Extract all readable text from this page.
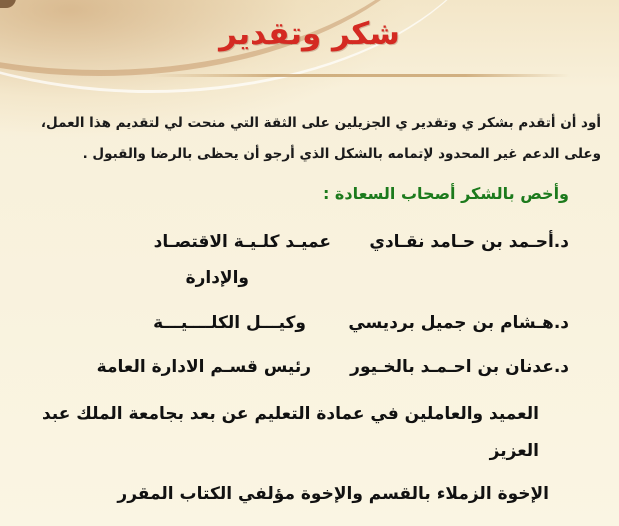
شكر وتقدير

أود أن أتقدم بشكر ي وتقدير ي الجزيلين على الثقة التي منحت لي لتقديم هذا العمل،

وعلى الدعم غير المحدود لإتمامه بالشكل الذي أرجو أن يحظى بالرضا والقبول .

وأخص بالشكر أصحاب السعادة :

د.أحـمد بن حـامد نقـادي
عميـد كلـيـة الاقتصـاد

والإدارة

د.هـشام بن جميل برديسي
وكيـــل الكلــــيـــة
د.عدنان بن احـمـد بالخـيور
رئيس قسـم الادارة العامة

العميد والعاملين في عمادة التعليم عن بعد بجامعة الملك عبد

العزيز

الإخوة الزملاء بالقسم والإخوة مؤلفي الكتاب المقرر
